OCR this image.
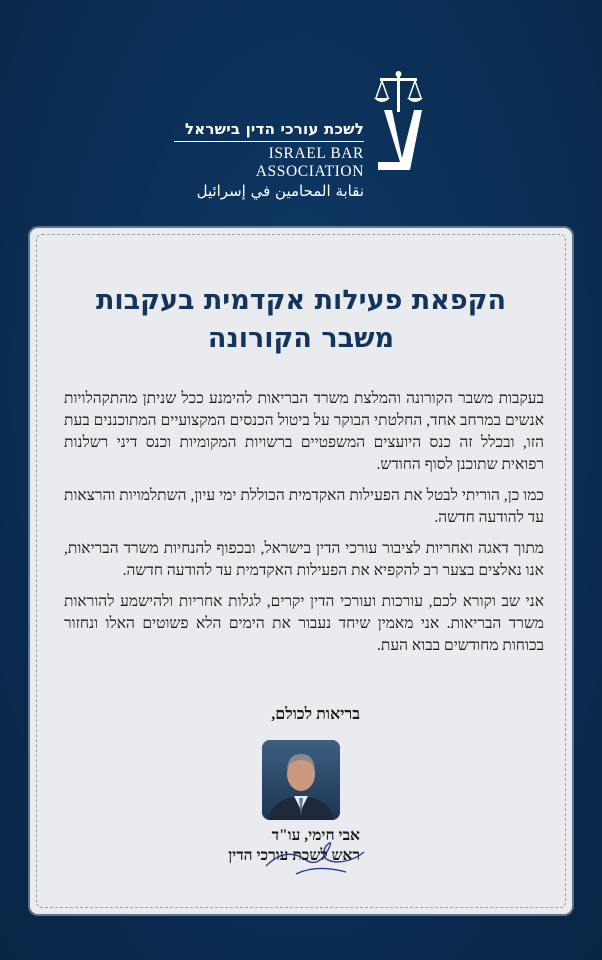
לשכת עורכי הדין בישראל
ISRAEL BAR ASSOCIATION
نقابة المحامين في إسرائيل
הקפאת פעילות אקדמית בעקבות
משבר הקורונה

בעקבות משבר הקורונה והמלצת משרד הבריאות להימנע ככל שניתן מהתקהלויות אנשים במרחב אחד, החלטתי הבוקר על ביטול הכנסים המקצועיים המתוכננים בעת הזו, ובכלל זה כנס היועצים המשפטיים ברשויות המקומיות וכנס דיני רשלנות רפואית שתוכנן לסוף החודש.

כמו כן, הוריתי לבטל את הפעילות האקדמית הכוללת ימי עיון, השתלמויות והרצאות עד להודעה חדשה.

מתוך דאגה ואחריות לציבור עורכי הדין בישראל, ובכפוף להנחיות משרד הבריאות, אנו נאלצים בצער רב להקפיא את הפעילות האקדמית עד להודעה חדשה.

אני שב וקורא לכם, עורכות ועורכי הדין יקרים, לגלות אחריות ולהישמע להוראות משרד הבריאות. אני מאמין שיחד נעבור את הימים הלא פשוטים האלו ונחזור בכוחות מחודשים בבוא העת.

בריאות לכולם,
אבי חימי, עו"ד
ראש לשכת עורכי הדין
